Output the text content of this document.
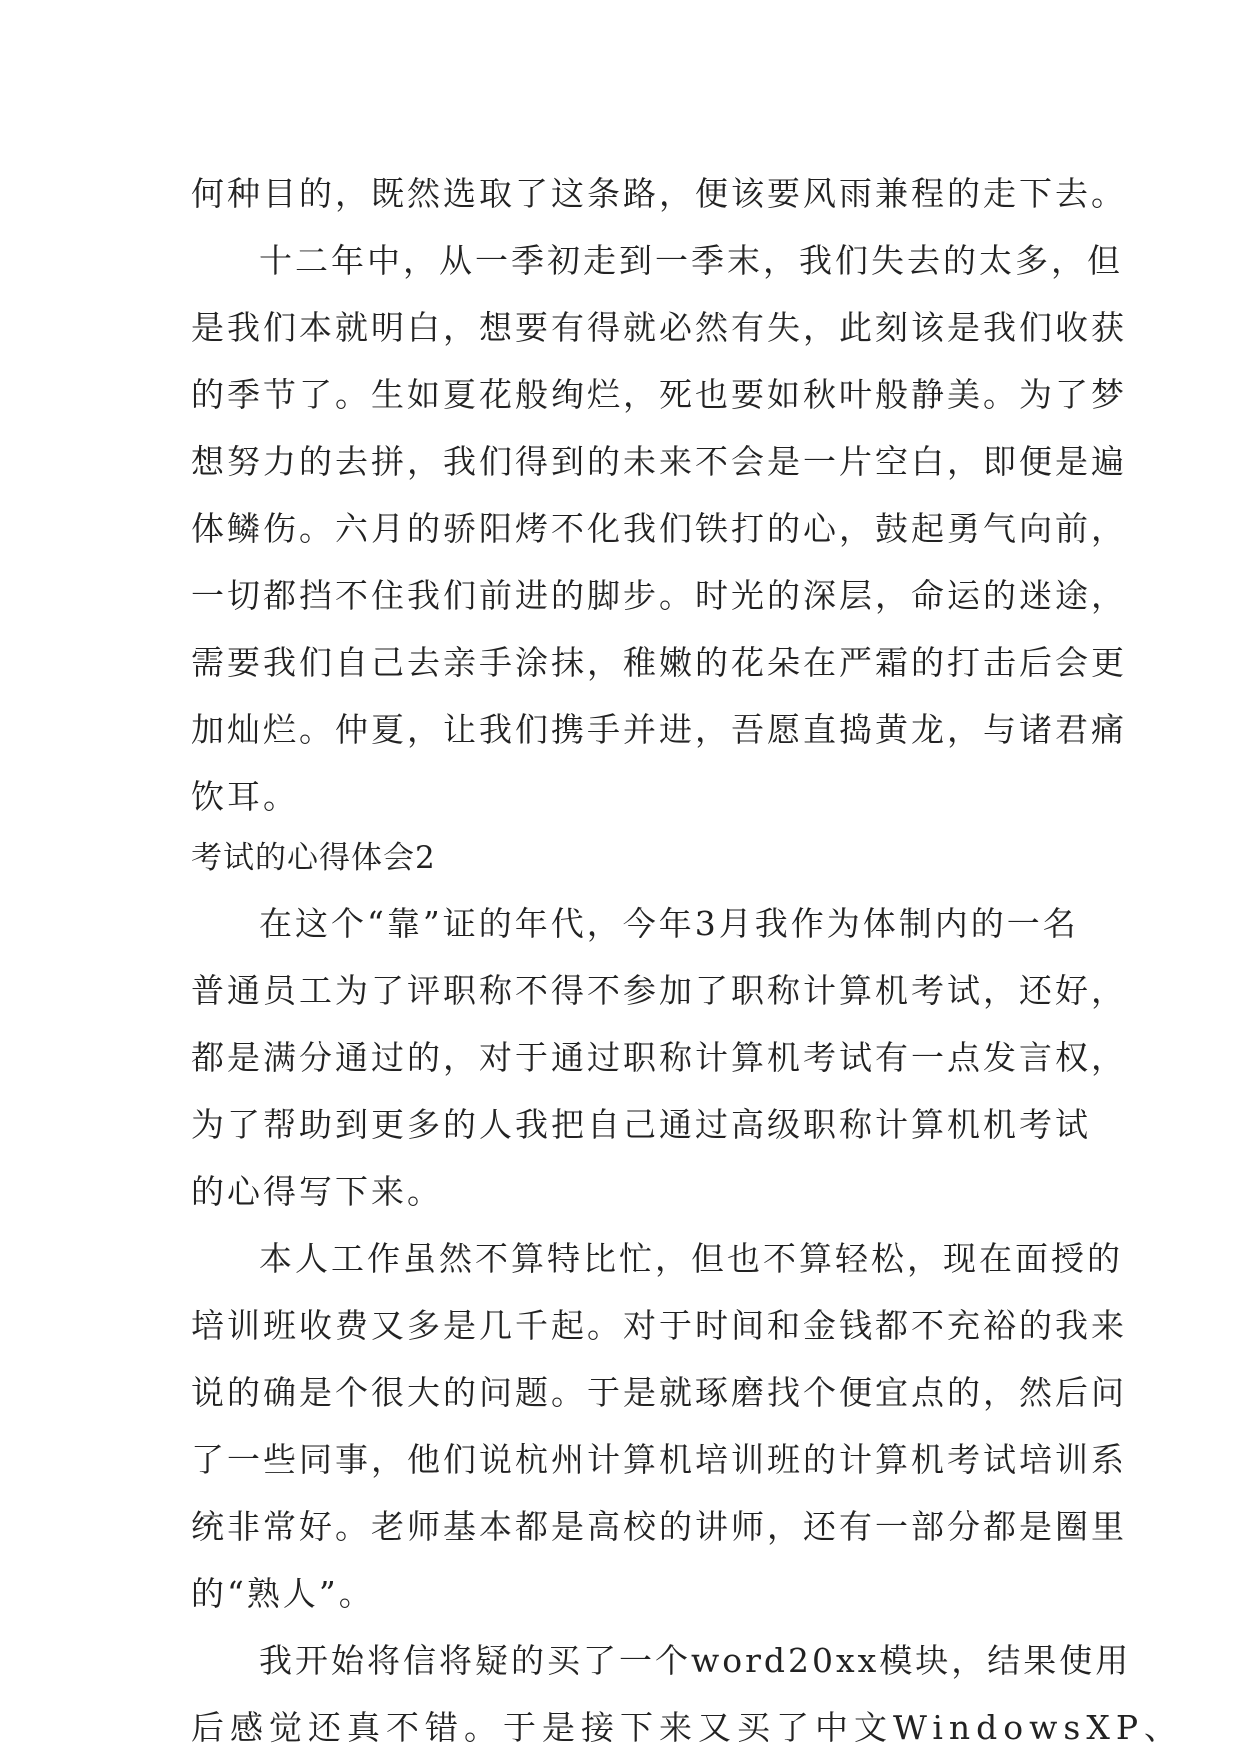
何种目的，既然选取了这条路，便该要风雨兼程的走下去。
十二年中，从一季初走到一季末，我们失去的太多，但
是我们本就明白，想要有得就必然有失，此刻该是我们收获
的季节了。生如夏花般绚烂，死也要如秋叶般静美。为了梦
想努力的去拼，我们得到的未来不会是一片空白，即便是遍
体鳞伤。六月的骄阳烤不化我们铁打的心，鼓起勇气向前，
一切都挡不住我们前进的脚步。时光的深层，命运的迷途，
需要我们自己去亲手涂抹，稚嫩的花朵在严霜的打击后会更
加灿烂。仲夏，让我们携手并进，吾愿直捣黄龙，与诸君痛
饮耳。
考试的心得体会2
在这个“靠”证的年代，今年3月我作为体制内的一名
普通员工为了评职称不得不参加了职称计算机考试，还好，
都是满分通过的，对于通过职称计算机考试有一点发言权，
为了帮助到更多的人我把自己通过高级职称计算机机考试
的心得写下来。
本人工作虽然不算特比忙，但也不算轻松，现在面授的
培训班收费又多是几千起。对于时间和金钱都不充裕的我来
说的确是个很大的问题。于是就琢磨找个便宜点的，然后问
了一些同事，他们说杭州计算机培训班的计算机考试培训系
统非常好。老师基本都是高校的讲师，还有一部分都是圈里
的“熟人”。
我开始将信将疑的买了一个word20xx模块，结果使用
后感觉还真不错。于是接下来又买了中文WindowsXP、
